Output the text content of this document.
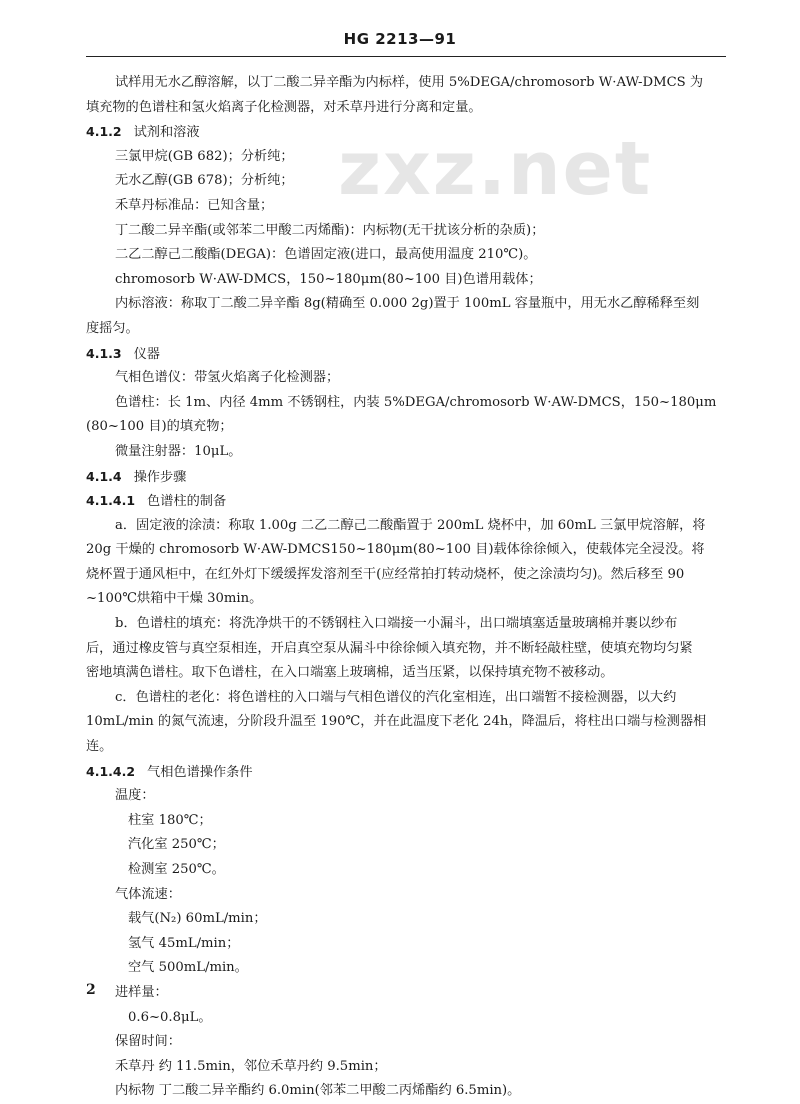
HG 2213—91
zxz.net
试样用无水乙醇溶解，以丁二酸二异辛酯为内标样，使用 5%DEGA/chromosorb W·AW-DMCS 为
填充物的色谱柱和氢火焰离子化检测器，对禾草丹进行分离和定量。
4.1.2 试剂和溶液
三氯甲烷(GB 682)；分析纯；
无水乙醇(GB 678)；分析纯；
禾草丹标准品：已知含量；
丁二酸二异辛酯(或邻苯二甲酸二丙烯酯)：内标物(无干扰该分析的杂质)；
二乙二醇己二酸酯(DEGA)：色谱固定液(进口，最高使用温度 210℃)。
chromosorb W·AW-DMCS，150~180μm(80~100 目)色谱用载体；
内标溶液：称取丁二酸二异辛酯 8g(精确至 0.000 2g)置于 100mL 容量瓶中，用无水乙醇稀释至刻
度摇匀。
4.1.3 仪器
气相色谱仪：带氢火焰离子化检测器；
色谱柱：长 1m、内径 4mm 不锈钢柱，内装 5%DEGA/chromosorb W·AW-DMCS，150~180μm
(80~100 目)的填充物；
微量注射器：10μL。
4.1.4 操作步骤
4.1.4.1 色谱柱的制备
a．固定液的涂渍：称取 1.00g 二乙二醇己二酸酯置于 200mL 烧杯中，加 60mL 三氯甲烷溶解，将
20g 干燥的 chromosorb W·AW-DMCS150~180μm(80~100 目)载体徐徐倾入，使载体完全浸没。将
烧杯置于通风柜中，在红外灯下缓缓挥发溶剂至干(应经常拍打转动烧杯，使之涂渍均匀)。然后移至 90
~100℃烘箱中干燥 30min。
b．色谱柱的填充：将洗净烘干的不锈钢柱入口端接一小漏斗，出口端填塞适量玻璃棉并裹以纱布
后，通过橡皮管与真空泵相连，开启真空泵从漏斗中徐徐倾入填充物，并不断轻敲柱壁，使填充物均匀紧
密地填满色谱柱。取下色谱柱，在入口端塞上玻璃棉，适当压紧，以保持填充物不被移动。
c．色谱柱的老化：将色谱柱的入口端与气相色谱仪的汽化室相连，出口端暂不接检测器，以大约
10mL/min 的氮气流速，分阶段升温至 190℃，并在此温度下老化 24h，降温后，将柱出口端与检测器相
连。
4.1.4.2 气相色谱操作条件
温度：
柱室 180℃；
汽化室 250℃；
检测室 250℃。
气体流速：
载气(N₂) 60mL/min；
氢气 45mL/min；
空气 500mL/min。
进样量：
0.6~0.8μL。
保留时间：
禾草丹 约 11.5min，邻位禾草丹约 9.5min；
内标物 丁二酸二异辛酯约 6.0min(邻苯二甲酸二丙烯酯约 6.5min)。
2
